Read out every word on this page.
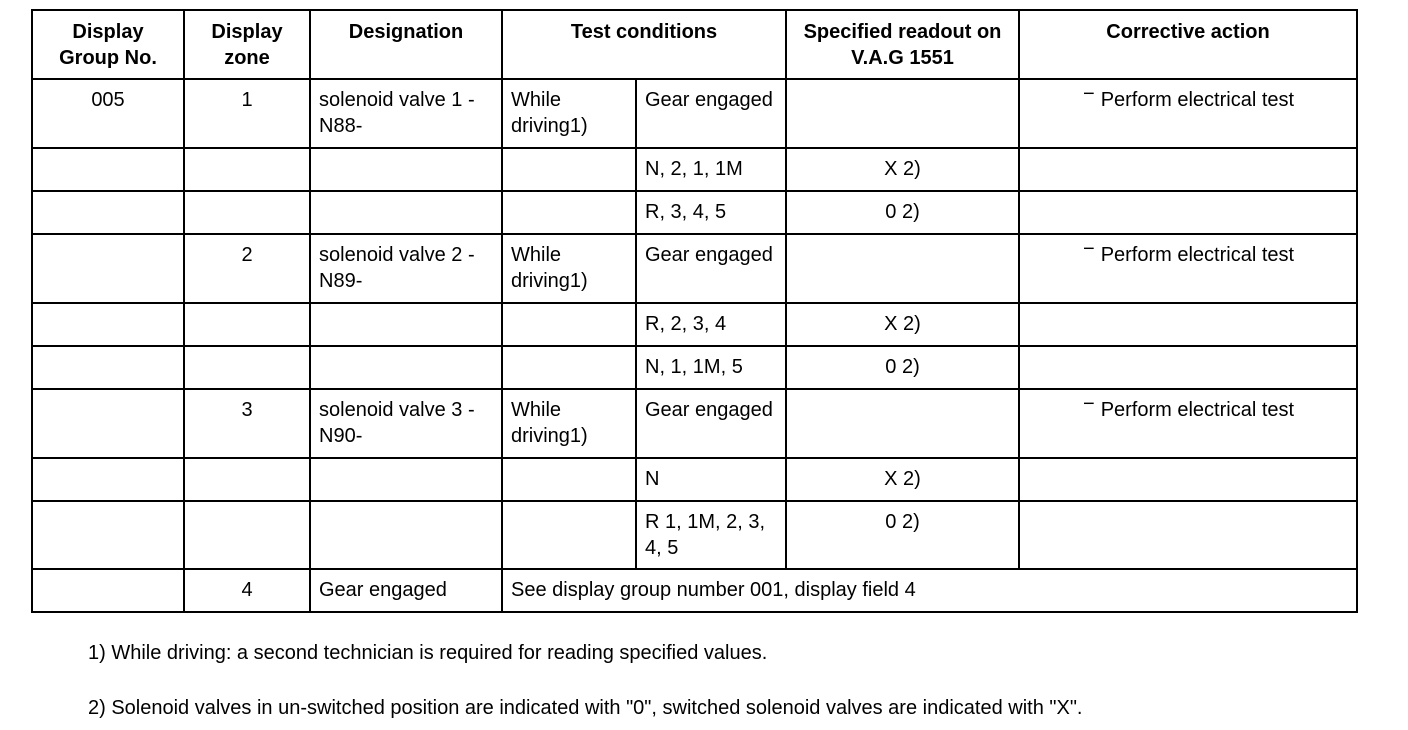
Display Group No.	Display zone	Designation	Test conditions		Specified readout on V.A.G 1551	Corrective action
005	1	solenoid valve 1 -N88-	While driving1)	Gear engaged		− Perform electrical test
				N, 2, 1, 1M	X 2)	
				R, 3, 4, 5	0 2)	
	2	solenoid valve 2 -N89-	While driving1)	Gear engaged		− Perform electrical test
				R, 2, 3, 4	X 2)	
				N, 1, 1M, 5	0 2)	
	3	solenoid valve 3 -N90-	While driving1)	Gear engaged		− Perform electrical test
				N	X 2)	
				R 1, 1M, 2, 3, 4, 5	0 2)	
	4	Gear engaged	See display group number 001, display field 4			
1) While driving: a second technician is required for reading specified values.
2) Solenoid valves in un-switched position are indicated with "0", switched solenoid valves are indicated with "X".
